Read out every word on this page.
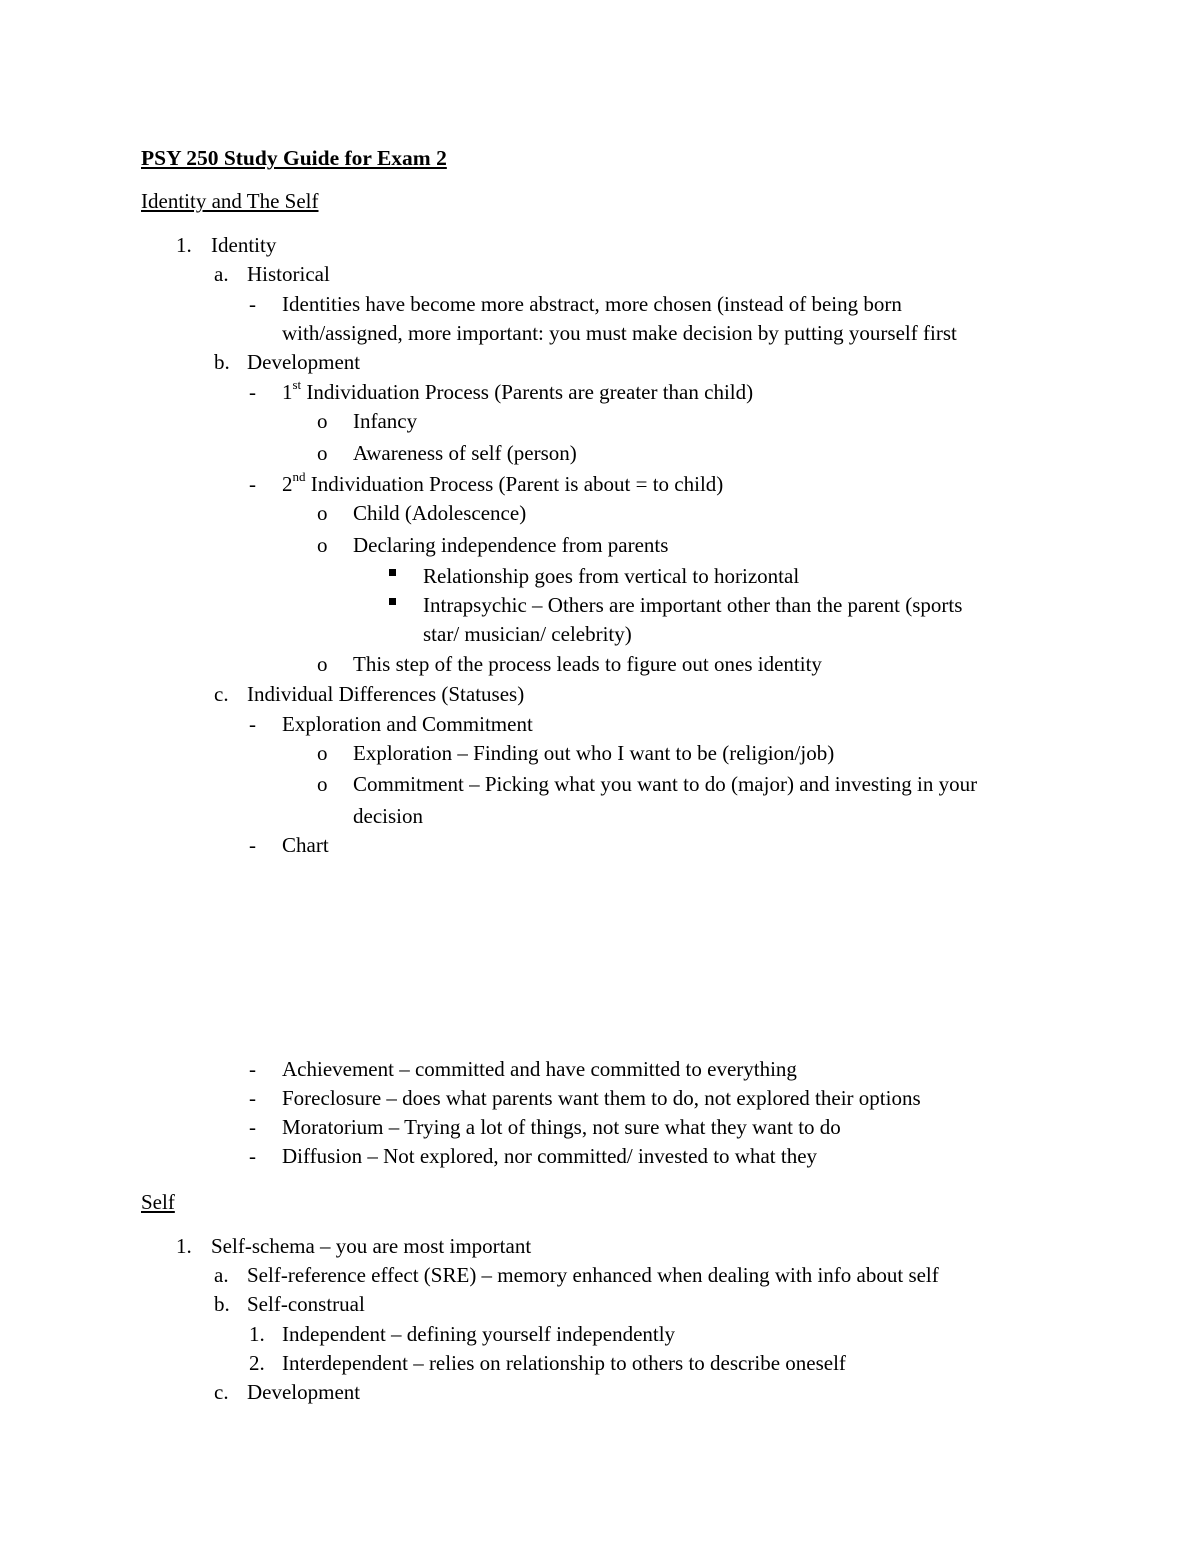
PSY 250 Study Guide for Exam 2
Identity and The Self
1. Identity
a. Historical
- Identities have become more abstract, more chosen (instead of being born
with/assigned, more important: you must make decision by putting yourself first
b. Development
- 1st Individuation Process (Parents are greater than child)
o Infancy
o Awareness of self (person)
- 2nd Individuation Process (Parent is about = to child)
o Child (Adolescence)
o Declaring independence from parents
Relationship goes from vertical to horizontal
Intrapsychic – Others are important other than the parent (sports
star/ musician/ celebrity)
o This step of the process leads to figure out ones identity
c. Individual Differences (Statuses)
- Exploration and Commitment
o Exploration – Finding out who I want to be (religion/job)
o Commitment – Picking what you want to do (major) and investing in your
decision
- Chart
- Achievement – committed and have committed to everything
- Foreclosure – does what parents want them to do, not explored their options
- Moratorium – Trying a lot of things, not sure what they want to do
- Diffusion – Not explored, nor committed/ invested to what they
Self
1. Self-schema – you are most important
a. Self-reference effect (SRE) – memory enhanced when dealing with info about self
b. Self-construal
1. Independent – defining yourself independently
2. Interdependent – relies on relationship to others to describe oneself
c. Development
